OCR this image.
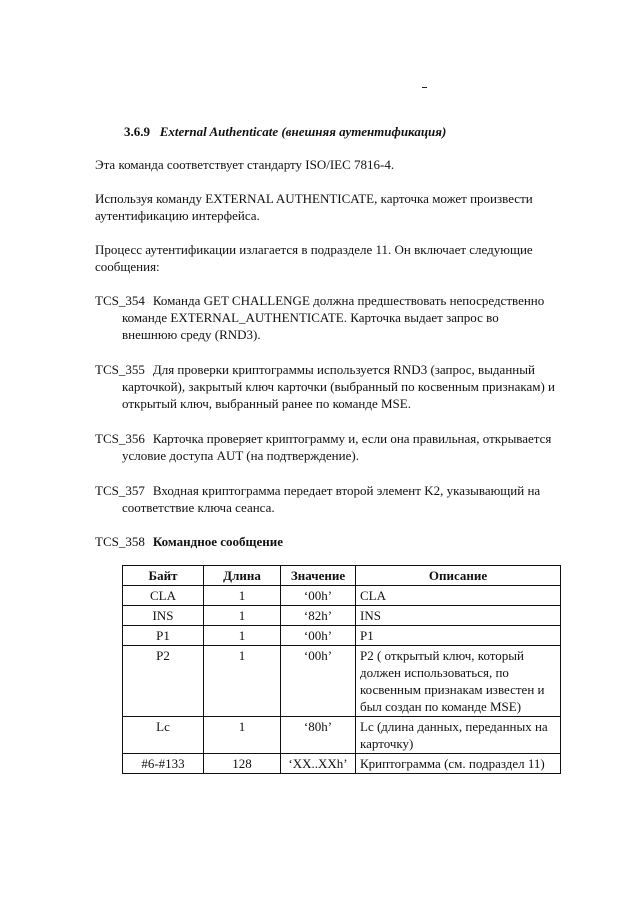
3.6.9 External Authenticate (внешняя аутентификация)
Эта команда соответствует стандарту ISO/IEC 7816-4.
Используя команду EXTERNAL AUTHENTICATE, карточка может произвести аутентификацию интерфейса.
Процесс аутентификации излагается в подразделе 11. Он включает следующие сообщения:
TCS_354 Команда GET CHALLENGE должна предшествовать непосредственно команде EXTERNAL_AUTHENTICATE. Карточка выдает запрос во внешнюю среду (RND3).
TCS_355 Для проверки криптограммы используется RND3 (запрос, выданный карточкой), закрытый ключ карточки (выбранный по косвенным признакам) и открытый ключ, выбранный ранее по команде MSE.
TCS_356 Карточка проверяет криптограмму и, если она правильная, открывается условие доступа AUT (на подтверждение).
TCS_357 Входная криптограмма передает второй элемент K2, указывающий на соответствие ключа сеанса.
TCS_358 Командное сообщение
Байт	Длина	Значение	Описание
CLA	1	‘00h’	CLA
INS	1	‘82h’	INS
P1	1	‘00h’	P1
P2	1	‘00h’	P2 ( открытый ключ, который должен использоваться, по косвенным признакам известен и был создан по команде MSE)
Lc	1	‘80h’	Lc (длина данных, переданных на карточку)
#6-#133	128	‘XX..XXh’	Криптограмма (см. подраздел 11)
